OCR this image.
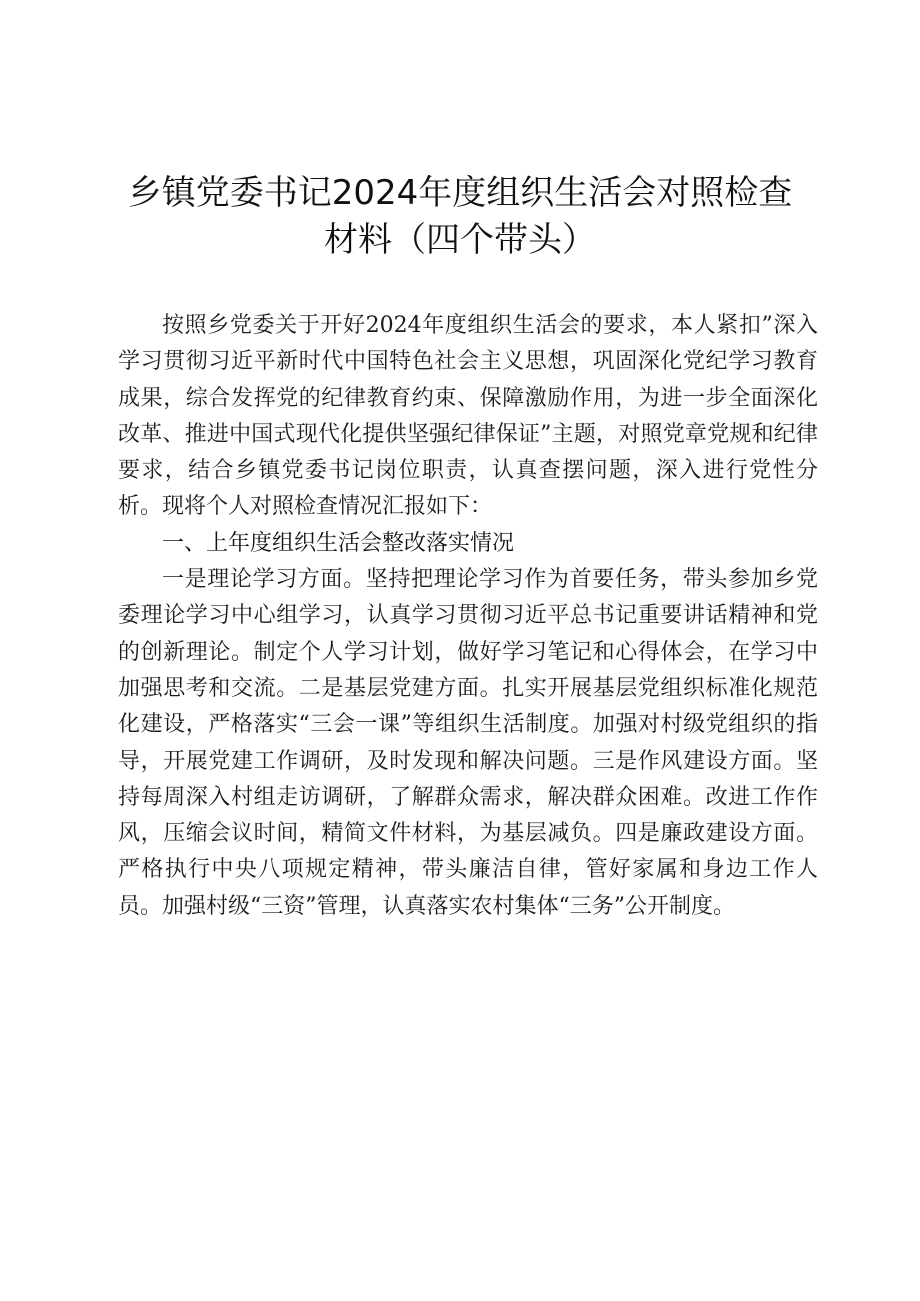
乡镇党委书记2024年度组织生活会对照检查
材料（四个带头）

按照乡党委关于开好2024年度组织生活会的要求，本人紧扣”深入学习贯彻习近平新时代中国特色社会主义思想，巩固深化党纪学习教育成果，综合发挥党的纪律教育约束、保障激励作用，为进一步全面深化改革、推进中国式现代化提供坚强纪律保证”主题，对照党章党规和纪律要求，结合乡镇党委书记岗位职责，认真查摆问题，深入进行党性分析。现将个人对照检查情况汇报如下：

一、上年度组织生活会整改落实情况

一是理论学习方面。坚持把理论学习作为首要任务，带头参加乡党委理论学习中心组学习，认真学习贯彻习近平总书记重要讲话精神和党的创新理论。制定个人学习计划，做好学习笔记和心得体会，在学习中加强思考和交流。二是基层党建方面。扎实开展基层党组织标准化规范化建设，严格落实“三会一课”等组织生活制度。加强对村级党组织的指导，开展党建工作调研，及时发现和解决问题。三是作风建设方面。坚持每周深入村组走访调研，了解群众需求，解决群众困难。改进工作作风，压缩会议时间，精简文件材料，为基层减负。四是廉政建设方面。严格执行中央八项规定精神，带头廉洁自律，管好家属和身边工作人员。加强村级“三资”管理，认真落实农村集体“三务”公开制度。
